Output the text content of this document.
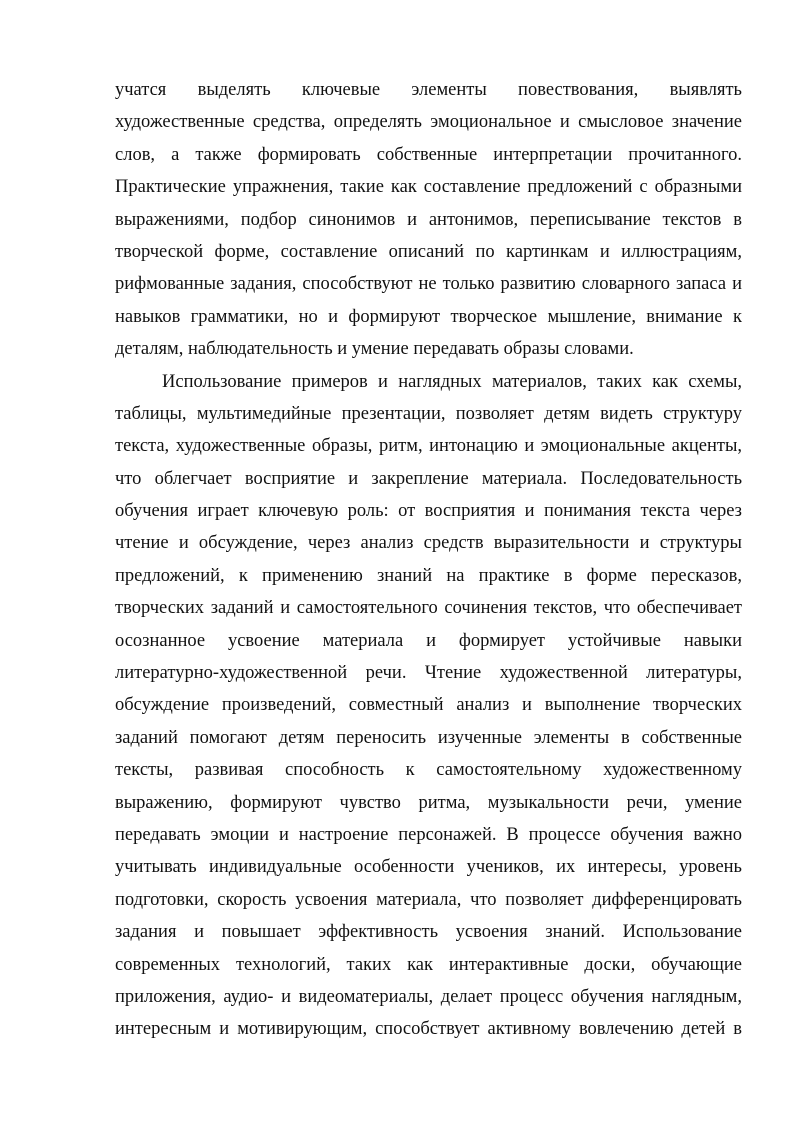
учатся выделять ключевые элементы повествования, выявлять
художественные средства, определять эмоциональное и смысловое значение
слов, а также формировать собственные интерпретации прочитанного.
Практические упражнения, такие как составление предложений с образными
выражениями, подбор синонимов и антонимов, переписывание текстов в
творческой форме, составление описаний по картинкам и иллюстрациям,
рифмованные задания, способствуют не только развитию словарного запаса и
навыков грамматики, но и формируют творческое мышление, внимание к
деталям, наблюдательность и умение передавать образы словами.
Использование примеров и наглядных материалов, таких как схемы,
таблицы, мультимедийные презентации, позволяет детям видеть структуру
текста, художественные образы, ритм, интонацию и эмоциональные акценты,
что облегчает восприятие и закрепление материала. Последовательность
обучения играет ключевую роль: от восприятия и понимания текста через
чтение и обсуждение, через анализ средств выразительности и структуры
предложений, к применению знаний на практике в форме пересказов,
творческих заданий и самостоятельного сочинения текстов, что обеспечивает
осознанное усвоение материала и формирует устойчивые навыки
литературно-художественной речи. Чтение художественной литературы,
обсуждение произведений, совместный анализ и выполнение творческих
заданий помогают детям переносить изученные элементы в собственные
тексты, развивая способность к самостоятельному художественному
выражению, формируют чувство ритма, музыкальности речи, умение
передавать эмоции и настроение персонажей. В процессе обучения важно
учитывать индивидуальные особенности учеников, их интересы, уровень
подготовки, скорость усвоения материала, что позволяет дифференцировать
задания и повышает эффективность усвоения знаний. Использование
современных технологий, таких как интерактивные доски, обучающие
приложения, аудио- и видеоматериалы, делает процесс обучения наглядным,
интересным и мотивирующим, способствует активному вовлечению детей в
